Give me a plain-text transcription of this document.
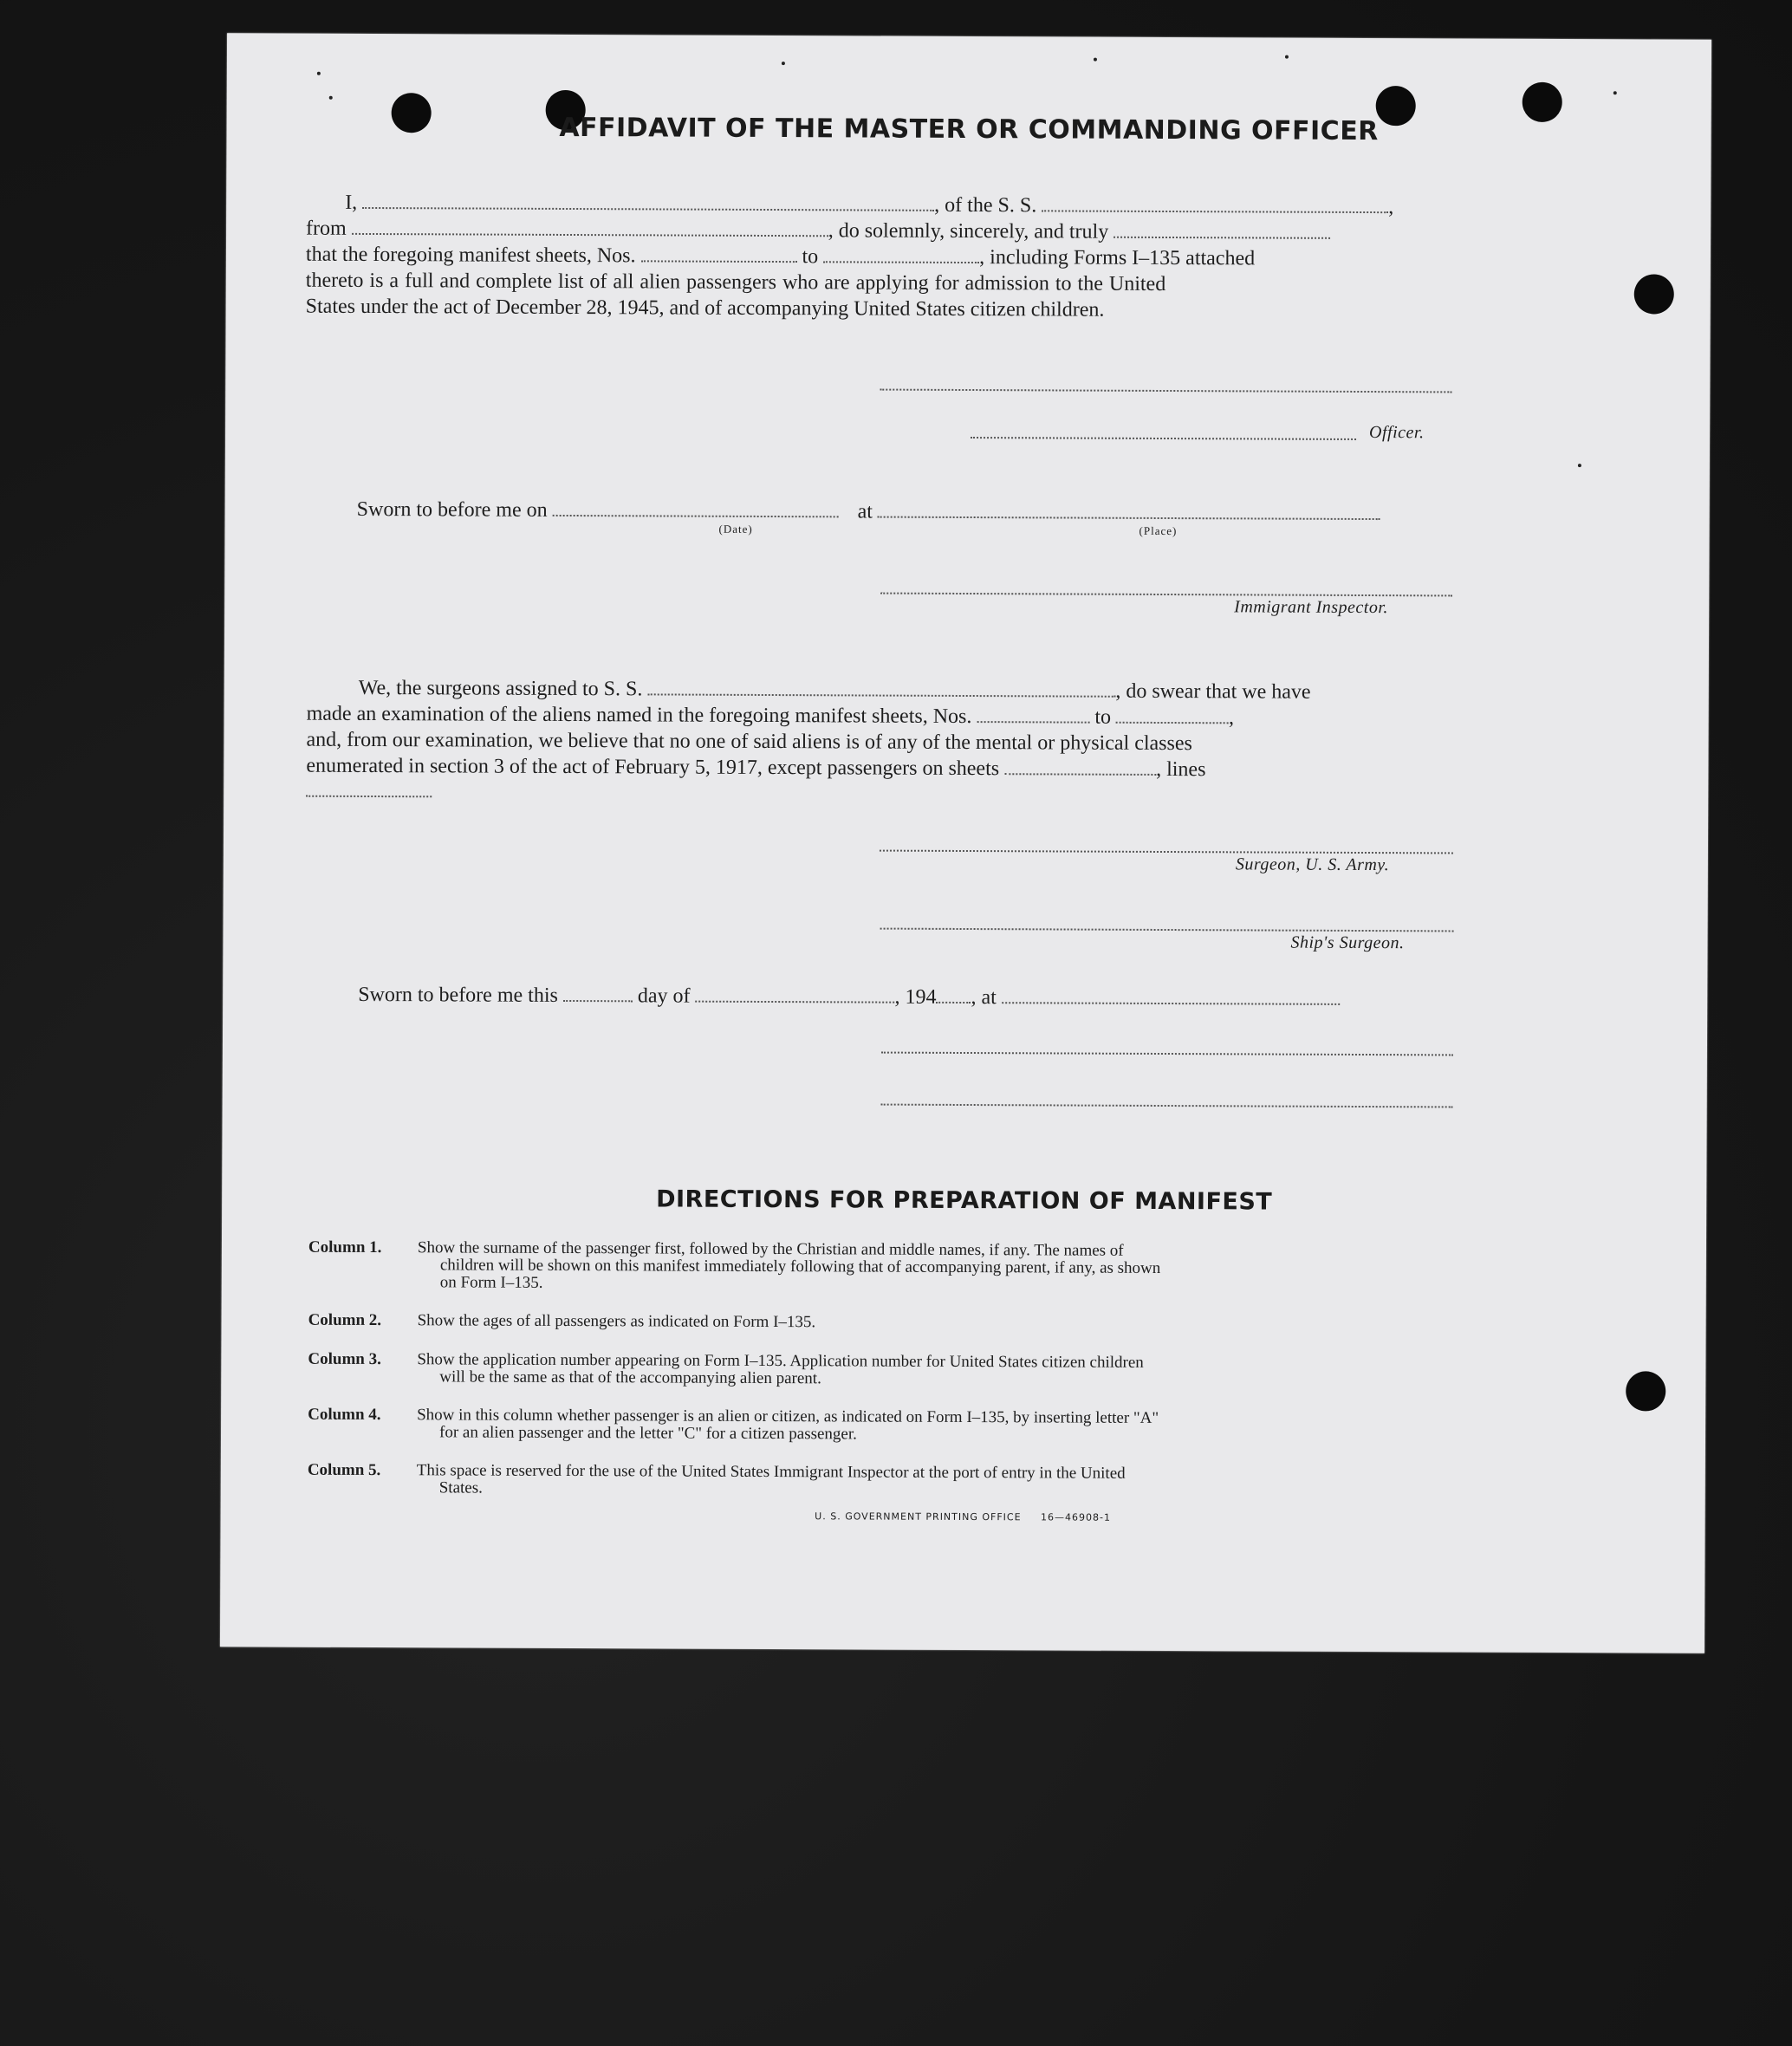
AFFIDAVIT OF THE MASTER OR COMMANDING OFFICER
I,	, of the S. S.	,
from	, do solemnly, sincerely, and truly
that the foregoing manifest sheets, Nos.	to	, including Forms I–135 attached
thereto is a full and complete list of all alien passengers who are applying for admission to the United
States under the act of December 28, 1945, and of accompanying United States citizen children.
Officer.
Sworn to before me on	at
(Date)	(Place)
Immigrant Inspector.
We, the surgeons assigned to S. S.	, do swear that we have
made an examination of the aliens named in the foregoing manifest sheets, Nos.	to	,
and, from our examination, we believe that no one of said aliens is of any of the mental or physical classes
enumerated in section 3 of the act of February 5, 1917, except passengers on sheets	, lines
Surgeon, U. S. Army.
Ship's Surgeon.
Sworn to before me this	day of	, 194 , at
DIRECTIONS FOR PREPARATION OF MANIFEST
Column 1.	Show the surname of the passenger first, followed by the Christian and middle names, if any. The names of
children will be shown on this manifest immediately following that of accompanying parent, if any, as shown
on Form I–135.
Column 2.	Show the ages of all passengers as indicated on Form I–135.
Column 3.	Show the application number appearing on Form I–135. Application number for United States citizen children
will be the same as that of the accompanying alien parent.
Column 4.	Show in this column whether passenger is an alien or citizen, as indicated on Form I–135, by inserting letter "A"
for an alien passenger and the letter "C" for a citizen passenger.
Column 5.	This space is reserved for the use of the United States Immigrant Inspector at the port of entry in the United
States.
U. S. GOVERNMENT PRINTING OFFICE     16—46908-1
